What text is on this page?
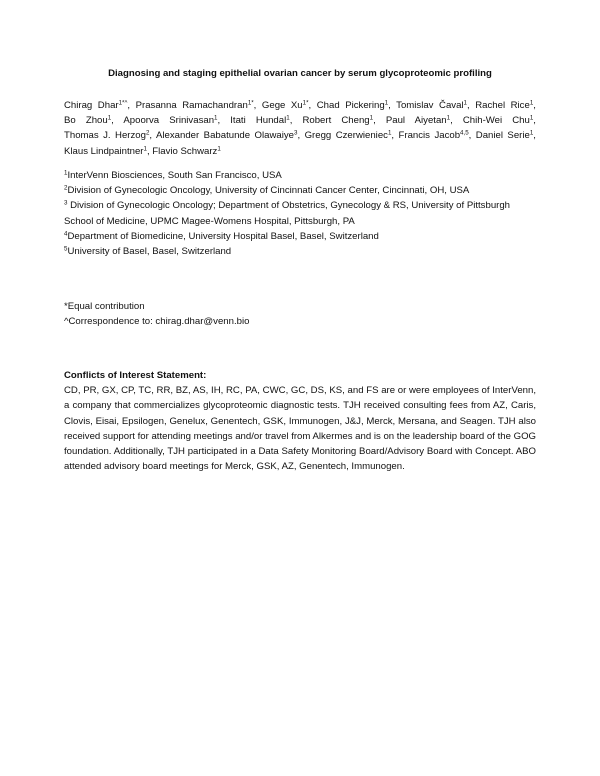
Diagnosing and staging epithelial ovarian cancer by serum glycoproteomic profiling
Chirag Dhar$^{1*\^{}}$, Prasanna Ramachandran$^{1*}$, Gege $Xu^{1*}$, Chad Pickering$^1$, Tomislav Čaval$^1$, Rachel Rice$^1$, Bo Zhou$^1$, Apoorva Srinivasan$^1$, Itati Hundal$^1$, Robert Cheng$^1$, Paul Aiyetan$^1$, Chih-Wei Chu$^1$, Thomas J. Herzog$^2$, Alexander Babatunde Olawaiye$^3$, Gregg Czerwieniec$^1$, Francis Jacob$^{4,5}$, Daniel Serie$^1$, Klaus Lindpaintner$^1$, Flavio Schwarz$^1$
$^1$InterVenn Biosciences, South San Francisco, USA
$^2$Division of Gynecologic Oncology, University of Cincinnati Cancer Center, Cincinnati, OH, USA
$^3$ Division of Gynecologic Oncology; Department of Obstetrics, Gynecology & RS, University of Pittsburgh School of Medicine, UPMC Magee-Womens Hospital, Pittsburgh, PA
$^4$Department of Biomedicine, University Hospital Basel, Basel, Switzerland
$^5$University of Basel, Basel, Switzerland
*Equal contribution
^Correspondence to: chirag.dhar@venn.bio
Conflicts of Interest Statement:
CD, PR, GX, CP, TC, RR, BZ, AS, IH, RC, PA, CWC, GC, DS, KS, and FS are or were employees of InterVenn, a company that commercializes glycoproteomic diagnostic tests. TJH received consulting fees from AZ, Caris, Clovis, Eisai, Epsilogen, Genelux, Genentech, GSK, Immunogen, J&J, Merck, Mersana, and Seagen. TJH also received support for attending meetings and/or travel from Alkermes and is on the leadership board of the GOG foundation. Additionally, TJH participated in a Data Safety Monitoring Board/Advisory Board with Concept. ABO attended advisory board meetings for Merck, GSK, AZ, Genentech, Immunogen.
